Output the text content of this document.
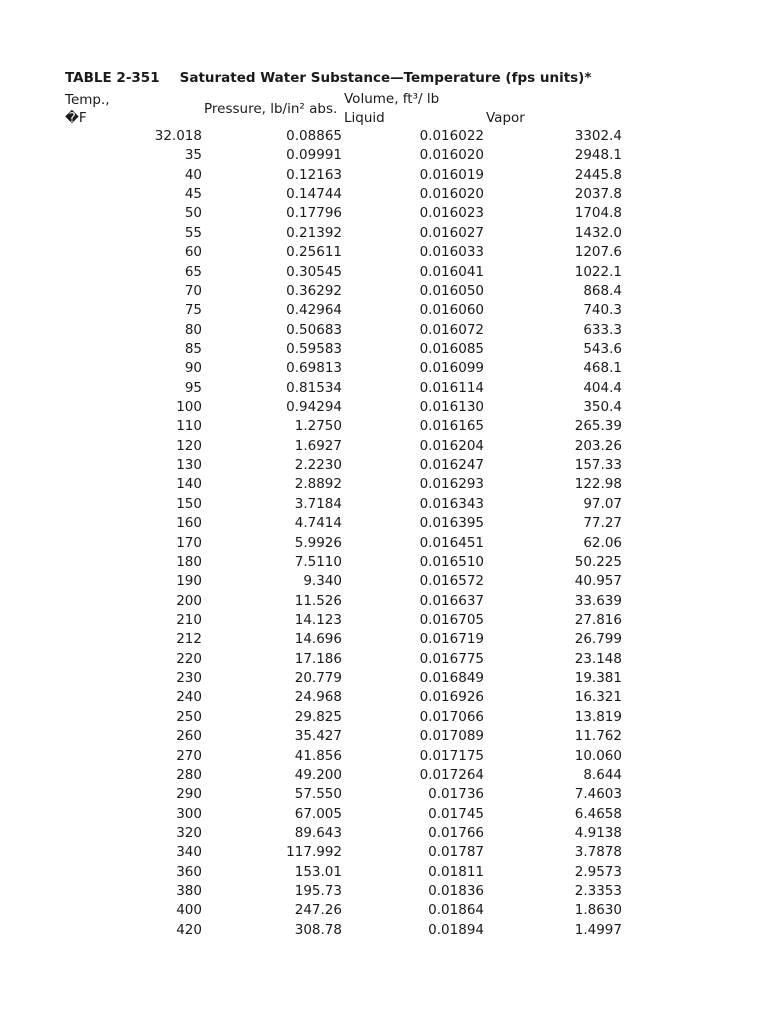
TABLE 2-351 Saturated Water Substance—Temperature (fps units)*
Temp.,
�F
Pressure, lb/in² abs.
Volume, ft³/ lb
Liquid	Vapor
32.018	0.08865	0.016022	3302.4
35	0.09991	0.016020	2948.1
40	0.12163	0.016019	2445.8
45	0.14744	0.016020	2037.8
50	0.17796	0.016023	1704.8
55	0.21392	0.016027	1432.0
60	0.25611	0.016033	1207.6
65	0.30545	0.016041	1022.1
70	0.36292	0.016050	868.4
75	0.42964	0.016060	740.3
80	0.50683	0.016072	633.3
85	0.59583	0.016085	543.6
90	0.69813	0.016099	468.1
95	0.81534	0.016114	404.4
100	0.94294	0.016130	350.4
110	1.2750	0.016165	265.39
120	1.6927	0.016204	203.26
130	2.2230	0.016247	157.33
140	2.8892	0.016293	122.98
150	3.7184	0.016343	97.07
160	4.7414	0.016395	77.27
170	5.9926	0.016451	62.06
180	7.5110	0.016510	50.225
190	9.340	0.016572	40.957
200	11.526	0.016637	33.639
210	14.123	0.016705	27.816
212	14.696	0.016719	26.799
220	17.186	0.016775	23.148
230	20.779	0.016849	19.381
240	24.968	0.016926	16.321
250	29.825	0.017066	13.819
260	35.427	0.017089	11.762
270	41.856	0.017175	10.060
280	49.200	0.017264	8.644
290	57.550	0.01736	7.4603
300	67.005	0.01745	6.4658
320	89.643	0.01766	4.9138
340	117.992	0.01787	3.7878
360	153.01	0.01811	2.9573
380	195.73	0.01836	2.3353
400	247.26	0.01864	1.8630
420	308.78	0.01894	1.4997
